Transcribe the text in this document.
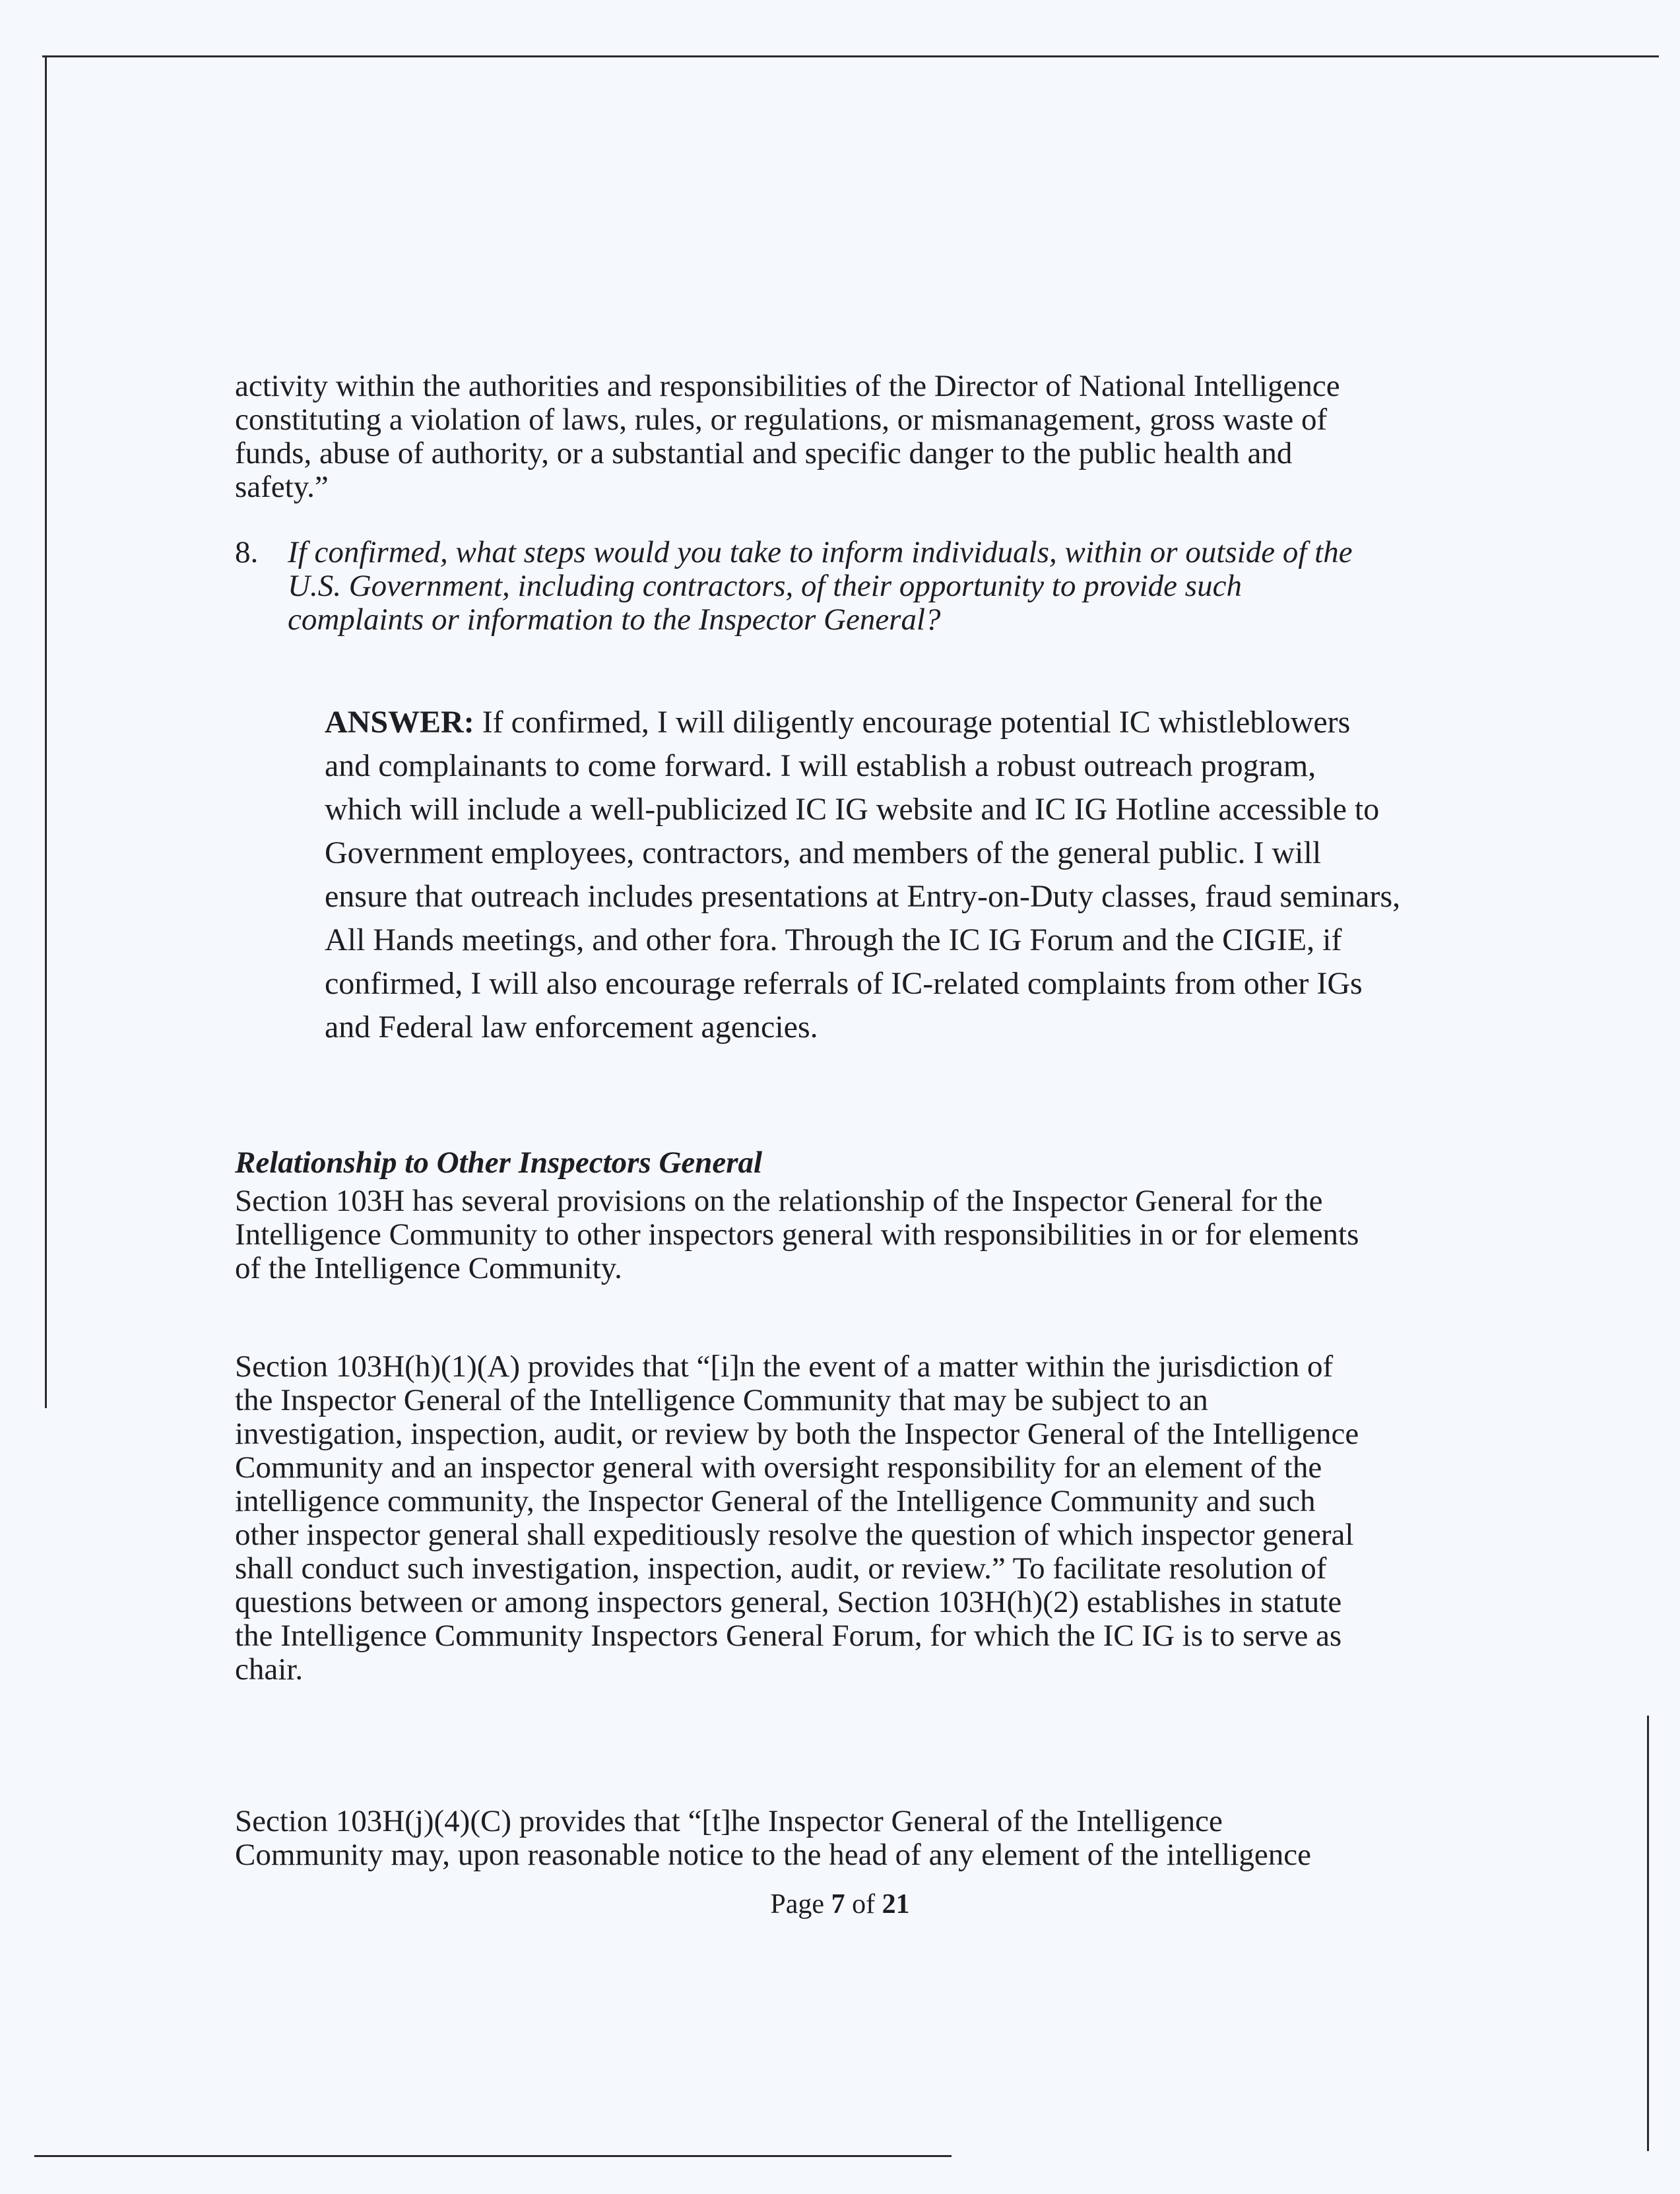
activity within the authorities and responsibilities of the Director of National Intelligence
constituting a violation of laws, rules, or regulations, or mismanagement, gross waste of
funds, abuse of authority, or a substantial and specific danger to the public health and
safety.”
8. If confirmed, what steps would you take to inform individuals, within or outside of the
U.S. Government, including contractors, of their opportunity to provide such
complaints or information to the Inspector General?
ANSWER: If confirmed, I will diligently encourage potential IC whistleblowers
and complainants to come forward. I will establish a robust outreach program,
which will include a well-publicized IC IG website and IC IG Hotline accessible to
Government employees, contractors, and members of the general public. I will
ensure that outreach includes presentations at Entry-on-Duty classes, fraud seminars,
All Hands meetings, and other fora. Through the IC IG Forum and the CIGIE, if
confirmed, I will also encourage referrals of IC-related complaints from other IGs
and Federal law enforcement agencies.
Relationship to Other Inspectors General
Section 103H has several provisions on the relationship of the Inspector General for the
Intelligence Community to other inspectors general with responsibilities in or for elements
of the Intelligence Community.
Section 103H(h)(1)(A) provides that “[i]n the event of a matter within the jurisdiction of
the Inspector General of the Intelligence Community that may be subject to an
investigation, inspection, audit, or review by both the Inspector General of the Intelligence
Community and an inspector general with oversight responsibility for an element of the
intelligence community, the Inspector General of the Intelligence Community and such
other inspector general shall expeditiously resolve the question of which inspector general
shall conduct such investigation, inspection, audit, or review.” To facilitate resolution of
questions between or among inspectors general, Section 103H(h)(2) establishes in statute
the Intelligence Community Inspectors General Forum, for which the IC IG is to serve as
chair.
Section 103H(j)(4)(C) provides that “[t]he Inspector General of the Intelligence
Community may, upon reasonable notice to the head of any element of the intelligence
Page 7 of 21
